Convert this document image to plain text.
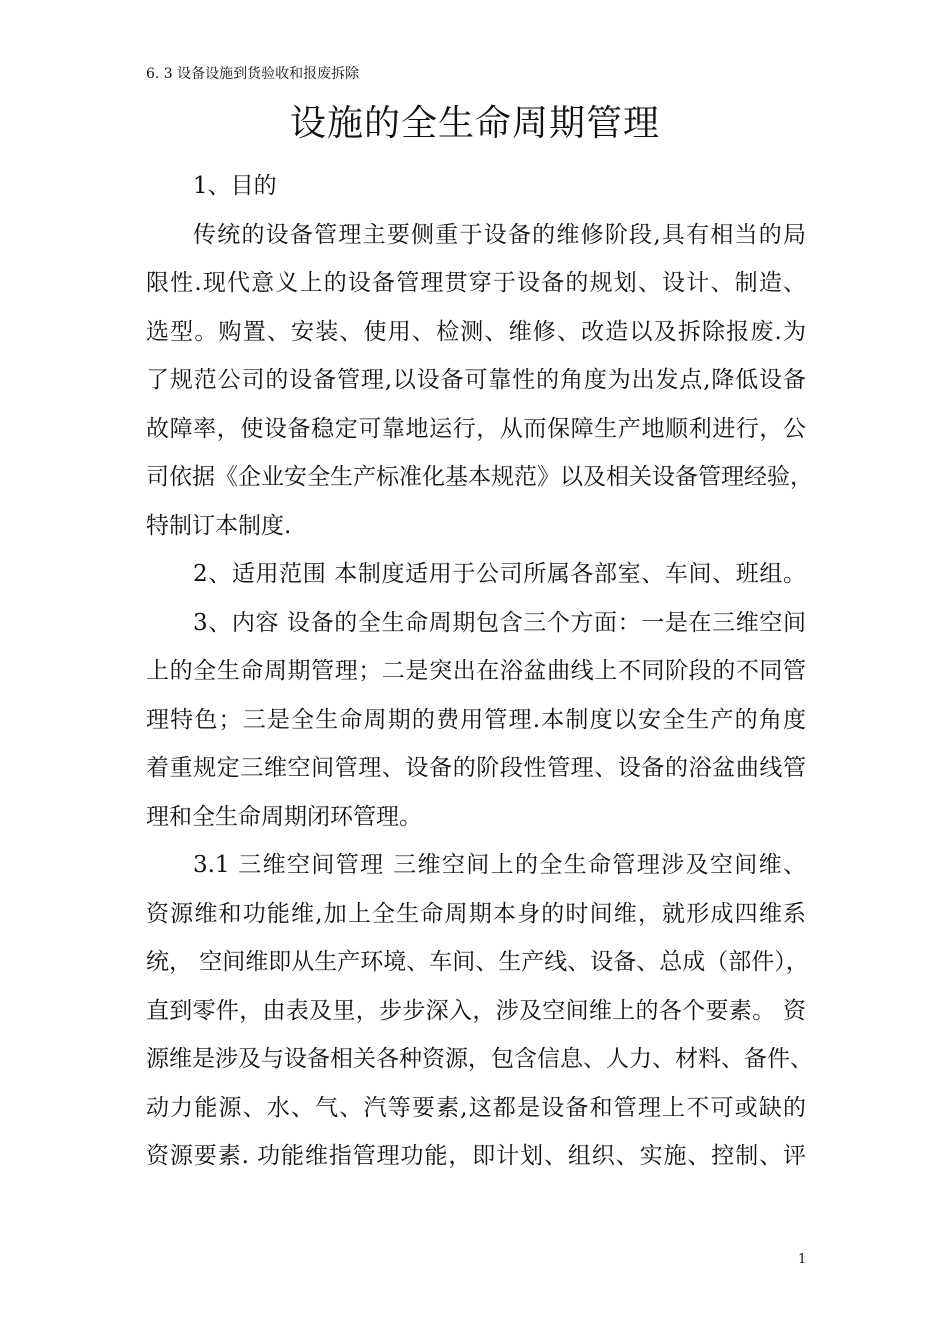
6. 3 设备设施到货验收和报废拆除
设施的全生命周期管理
1、目的
传统的设备管理主要侧重于设备的维修阶段,具有相当的局
限性.现代意义上的设备管理贯穿于设备的规划、设计、制造、
选型。购置、安装、使用、检测、维修、改造以及拆除报废.为
了规范公司的设备管理,以设备可靠性的角度为出发点,降低设备
故障率，使设备稳定可靠地运行，从而保障生产地顺利进行，公
司依据《企业安全生产标准化基本规范》以及相关设备管理经验，
特制订本制度.
2、适用范围 本制度适用于公司所属各部室、车间、班组。
3、内容 设备的全生命周期包含三个方面：一是在三维空间
上的全生命周期管理；二是突出在浴盆曲线上不同阶段的不同管
理特色；三是全生命周期的费用管理.本制度以安全生产的角度
着重规定三维空间管理、设备的阶段性管理、设备的浴盆曲线管
理和全生命周期闭环管理。
3.1 三维空间管理 三维空间上的全生命管理涉及空间维、
资源维和功能维,加上全生命周期本身的时间维，就形成四维系
统， 空间维即从生产环境、车间、生产线、设备、总成（部件），
直到零件，由表及里，步步深入，涉及空间维上的各个要素。 资
源维是涉及与设备相关各种资源，包含信息、人力、材料、备件、
动力能源、水、气、汽等要素,这都是设备和管理上不可或缺的
资源要素. 功能维指管理功能，即计划、组织、实施、控制、评
1
